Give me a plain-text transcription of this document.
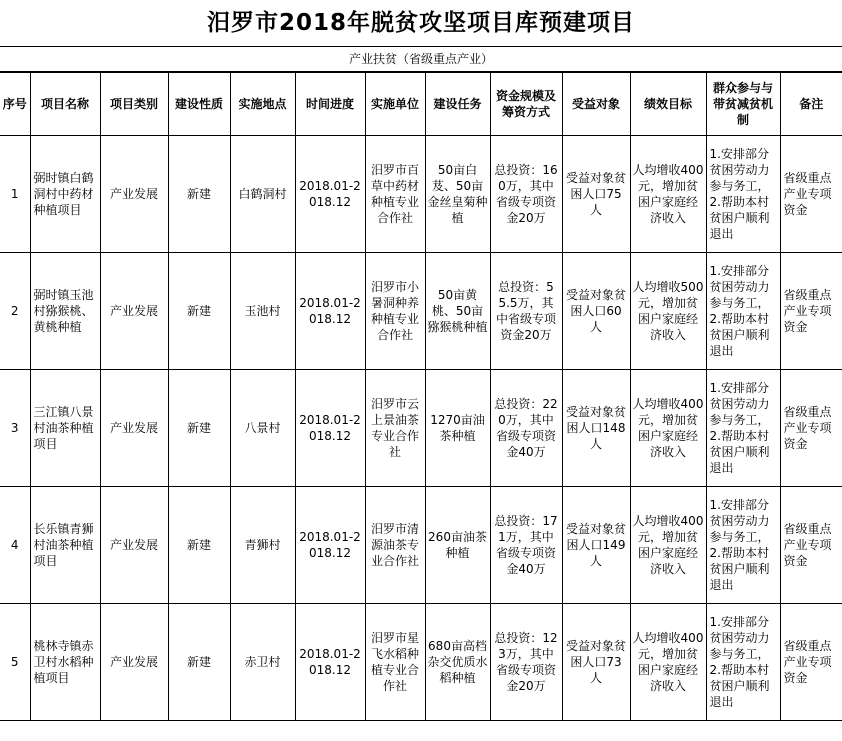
汨罗市2018年脱贫攻坚项目库预建项目
产业扶贫（省级重点产业）
序号	项目名称	项目类别	建设性质	实施地点	时间进度	实施单位	建设任务	资金规模及筹资方式	受益对象	绩效目标	群众参与与带贫减贫机制	备注
1	弼时镇白鹤洞村中药材种植项目	产业发展	新建	白鹤洞村	2018.01-2018.12	汨罗市百草中药材种植专业合作社	50亩白芨、50亩金丝皇菊种植	总投资：160万，其中省级专项资金20万	受益对象贫困人口75人	人均增收400元，增加贫困户家庭经济收入	1.安排部分贫困劳动力参与务工，2.帮助本村贫困户顺利退出	省级重点产业专项资金
2	弼时镇玉池村猕猴桃、黄桃种植	产业发展	新建	玉池村	2018.01-2018.12	汨罗市小暑洞种养种植专业合作社	50亩黄桃、50亩猕猴桃种植	总投资：55.5万，其中省级专项资金20万	受益对象贫困人口60人	人均增收500元，增加贫困户家庭经济收入	1.安排部分贫困劳动力参与务工，2.帮助本村贫困户顺利退出	省级重点产业专项资金
3	三江镇八景村油茶种植项目	产业发展	新建	八景村	2018.01-2018.12	汨罗市云上景油茶专业合作社	1270亩油茶种植	总投资：220万，其中省级专项资金40万	受益对象贫困人口148人	人均增收400元，增加贫困户家庭经济收入	1.安排部分贫困劳动力参与务工，2.帮助本村贫困户顺利退出	省级重点产业专项资金
4	长乐镇青狮村油茶种植项目	产业发展	新建	青狮村	2018.01-2018.12	汨罗市清源油茶专业合作社	260亩油茶种植	总投资：171万，其中省级专项资金40万	受益对象贫困人口149人	人均增收400元，增加贫困户家庭经济收入	1.安排部分贫困劳动力参与务工，2.帮助本村贫困户顺利退出	省级重点产业专项资金
5	桃林寺镇赤卫村水稻种植项目	产业发展	新建	赤卫村	2018.01-2018.12	汨罗市星飞水稻种植专业合作社	680亩高档杂交优质水稻种植	总投资：123万，其中省级专项资金20万	受益对象贫困人口73人	人均增收400元，增加贫困户家庭经济收入	1.安排部分贫困劳动力参与务工，2.帮助本村贫困户顺利退出	省级重点产业专项资金
